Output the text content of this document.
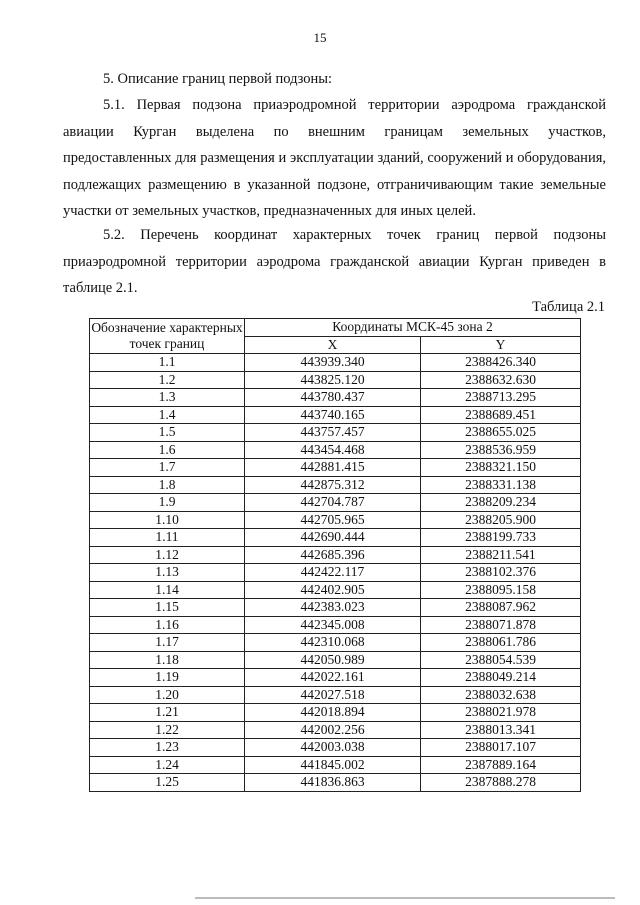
15

5. Описание границ первой подзоны:

5.1. Первая подзона приаэродромной территории аэродрома гражданской авиации Курган выделена по внешним границам земельных участков, предоставленных для размещения и эксплуатации зданий, сооружений и оборудования, подлежащих размещению в указанной подзоне, отграничивающим такие земельные участки от земельных участков, предназначенных для иных целей.

5.2. Перечень координат характерных точек границ первой подзоны приаэродромной территории аэродрома гражданской авиации Курган приведен в таблице 2.1.

Таблица 2.1
Обозначение характерных точек границ	Координаты МСК-45 зона 2	
	X	Y
1.1	443939.340	2388426.340
1.2	443825.120	2388632.630
1.3	443780.437	2388713.295
1.4	443740.165	2388689.451
1.5	443757.457	2388655.025
1.6	443454.468	2388536.959
1.7	442881.415	2388321.150
1.8	442875.312	2388331.138
1.9	442704.787	2388209.234
1.10	442705.965	2388205.900
1.11	442690.444	2388199.733
1.12	442685.396	2388211.541
1.13	442422.117	2388102.376
1.14	442402.905	2388095.158
1.15	442383.023	2388087.962
1.16	442345.008	2388071.878
1.17	442310.068	2388061.786
1.18	442050.989	2388054.539
1.19	442022.161	2388049.214
1.20	442027.518	2388032.638
1.21	442018.894	2388021.978
1.22	442002.256	2388013.341
1.23	442003.038	2388017.107
1.24	441845.002	2387889.164
1.25	441836.863	2387888.278
